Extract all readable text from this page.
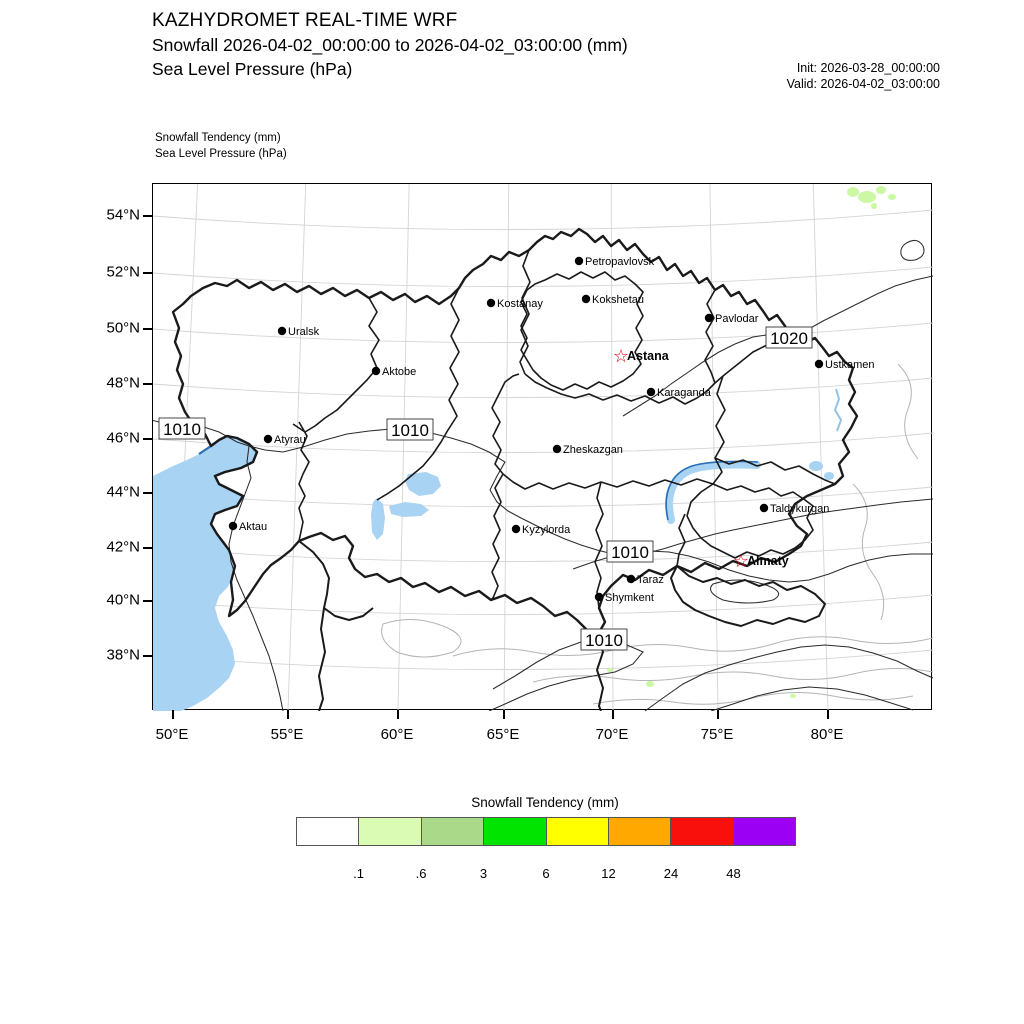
KAZHYDROMET REAL-TIME WRF
Snowfall 2026-04-02_00:00:00 to 2026-04-02_03:00:00 (mm)
Sea Level Pressure (hPa)	Init: 2026-03-28_00:00:00
Valid: 2026-04-02_03:00:00
Snowfall Tendency (mm)
Sea Level Pressure (hPa)
1010	1010
1020
1010
1010
Petropavlovsk
Kostanay	Kokshetau
Pavlodar
☆
Astana
Uralsk
Aktobe
Karaganda
Ustkamen
Atyrau
Zheskazgan
Taldykurgan
Aktau	Kyzylorda
☆
Almaty
Taraz
Shymkent
54°N
52°N
50°N
48°N
46°N
44°N
42°N
40°N
38°N
50°E	55°E	60°E	65°E	70°E	75°E	80°E
Snowfall Tendency (mm)
.1	.6	3	6	12	24	48
